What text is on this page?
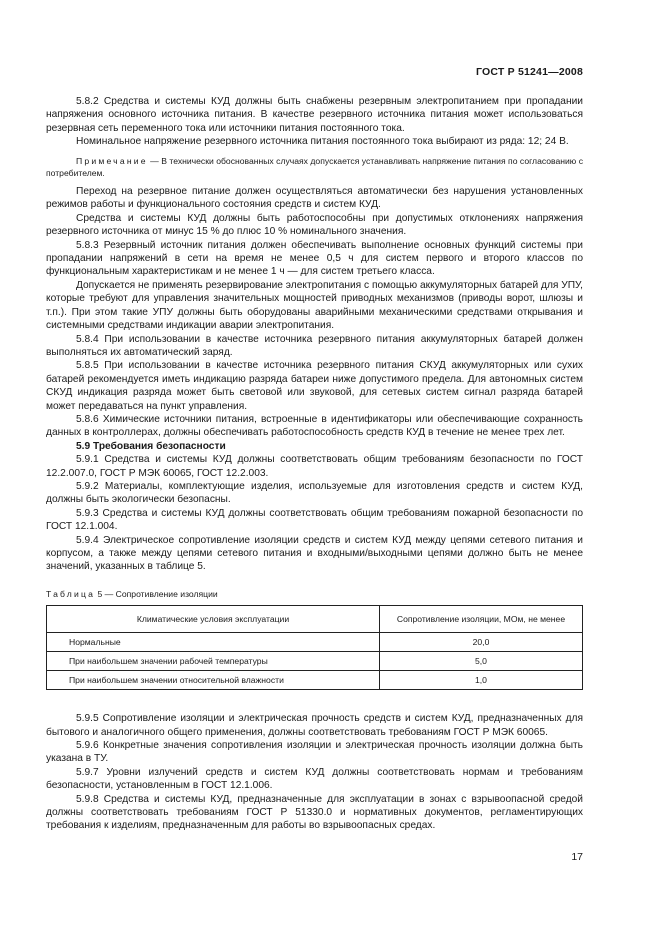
ГОСТ Р 51241—2008

5.8.2 Средства и системы КУД должны быть снабжены резервным электропитанием при пропадании напряжения основного источника питания. В качестве резервного источника питания может использоваться резервная сеть переменного тока или источники питания постоянного тока.

Номинальное напряжение резервного источника питания постоянного тока выбирают из ряда: 12; 24 В.

Примечание — В технически обоснованных случаях допускается устанавливать напряжение питания по согласованию с потребителем.

Переход на резервное питание должен осуществляться автоматически без нарушения установленных режимов работы и функционального состояния средств и систем КУД.

Средства и системы КУД должны быть работоспособны при допустимых отклонениях напряжения резервного источника от минус 15 % до плюс 10 % номинального значения.

5.8.3 Резервный источник питания должен обеспечивать выполнение основных функций системы при пропадании напряжений в сети на время не менее 0,5 ч для систем первого и второго классов по функциональным характеристикам и не менее 1 ч — для систем третьего класса.

Допускается не применять резервирование электропитания с помощью аккумуляторных батарей для УПУ, которые требуют для управления значительных мощностей приводных механизмов (приводы ворот, шлюзы и т.п.). При этом такие УПУ должны быть оборудованы аварийными механическими средствами открывания и системными средствами индикации аварии электропитания.

5.8.4 При использовании в качестве источника резервного питания аккумуляторных батарей должен выполняться их автоматический заряд.

5.8.5 При использовании в качестве источника резервного питания СКУД аккумуляторных или сухих батарей рекомендуется иметь индикацию разряда батареи ниже допустимого предела. Для автономных систем СКУД индикация разряда может быть световой или звуковой, для сетевых систем сигнал разряда батарей может передаваться на пункт управления.

5.8.6 Химические источники питания, встроенные в идентификаторы или обеспечивающие сохранность данных в контроллерах, должны обеспечивать работоспособность средств КУД в течение не менее трех лет.

5.9 Требования безопасности

5.9.1 Средства и системы КУД должны соответствовать общим требованиям безопасности по ГОСТ 12.2.007.0, ГОСТ Р МЭК 60065, ГОСТ 12.2.003.

5.9.2 Материалы, комплектующие изделия, используемые для изготовления средств и систем КУД, должны быть экологически безопасны.

5.9.3 Средства и системы КУД должны соответствовать общим требованиям пожарной безопасности по ГОСТ 12.1.004.

5.9.4 Электрическое сопротивление изоляции средств и систем КУД между цепями сетевого питания и корпусом, а также между цепями сетевого питания и входными/выходными цепями должно быть не менее значений, указанных в таблице 5.

Таблица 5 — Сопротивление изоляции

Климатические условия эксплуатации	Сопротивление изоляции, МОм, не менее
Нормальные	20,0
При наибольшем значении рабочей температуры	5,0
При наибольшем значении относительной влажности	1,0

5.9.5 Сопротивление изоляции и электрическая прочность средств и систем КУД, предназначенных для бытового и аналогичного общего применения, должны соответствовать требованиям ГОСТ Р МЭК 60065.

5.9.6 Конкретные значения сопротивления изоляции и электрическая прочность изоляции должна быть указана в ТУ.

5.9.7 Уровни излучений средств и систем КУД должны соответствовать нормам и требованиям безопасности, установленным в ГОСТ 12.1.006.

5.9.8 Средства и системы КУД, предназначенные для эксплуатации в зонах с взрывоопасной средой должны соответствовать требованиям ГОСТ Р 51330.0 и нормативных документов, регламентирующих требования к изделиям, предназначенным для работы во взрывоопасных средах.

17
